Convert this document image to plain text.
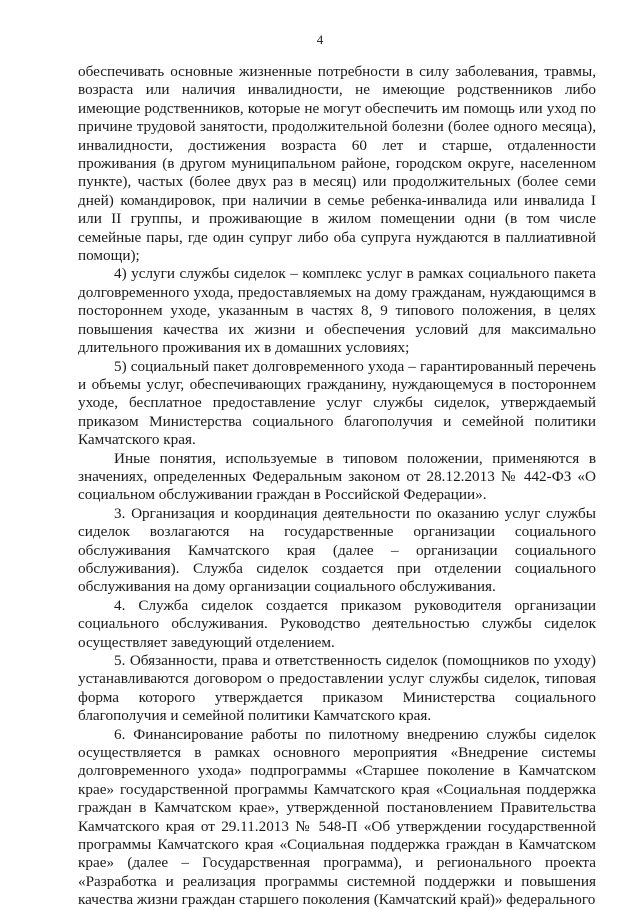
4

обеспечивать основные жизненные потребности в силу заболевания, травмы, возраста или наличия инвалидности, не имеющие родственников либо имеющие родственников, которые не могут обеспечить им помощь или уход по причине трудовой занятости, продолжительной болезни (более одного месяца), инвалидности, достижения возраста 60 лет и старше, отдаленности проживания (в другом муниципальном районе, городском округе, населенном пункте), частых (более двух раз в месяц) или продолжительных (более семи дней) командировок, при наличии в семье ребенка-инвалида или инвалида I или II группы, и проживающие в жилом помещении одни (в том числе семейные пары, где один супруг либо оба супруга нуждаются в паллиативной помощи);

4) услуги службы сиделок – комплекс услуг в рамках социального пакета долговременного ухода, предоставляемых на дому гражданам, нуждающимся в постороннем уходе, указанным в частях 8, 9 типового положения, в целях повышения качества их жизни и обеспечения условий для максимально длительного проживания их в домашних условиях;

5) социальный пакет долговременного ухода – гарантированный перечень и объемы услуг, обеспечивающих гражданину, нуждающемуся в постороннем уходе, бесплатное предоставление услуг службы сиделок, утверждаемый приказом Министерства социального благополучия и семейной политики Камчатского края.

Иные понятия, используемые в типовом положении, применяются в значениях, определенных Федеральным законом от 28.12.2013 № 442-ФЗ «О социальном обслуживании граждан в Российской Федерации».

3. Организация и координация деятельности по оказанию услуг службы сиделок возлагаются на государственные организации социального обслуживания Камчатского края (далее – организации социального обслуживания). Служба сиделок создается при отделении социального обслуживания на дому организации социального обслуживания.

4. Служба сиделок создается приказом руководителя организации социального обслуживания. Руководство деятельностью службы сиделок осуществляет заведующий отделением.

5. Обязанности, права и ответственность сиделок (помощников по уходу) устанавливаются договором о предоставлении услуг службы сиделок, типовая форма которого утверждается приказом Министерства социального благополучия и семейной политики Камчатского края.

6. Финансирование работы по пилотному внедрению службы сиделок осуществляется в рамках основного мероприятия «Внедрение системы долговременного ухода» подпрограммы «Старшее поколение в Камчатском крае» государственной программы Камчатского края «Социальная поддержка граждан в Камчатском крае», утвержденной постановлением Правительства Камчатского края от 29.11.2013 № 548-П «Об утверждении государственной программы Камчатского края «Социальная поддержка граждан в Камчатском крае» (далее – Государственная программа), и регионального проекта «Разработка и реализация программы системной поддержки и повышения качества жизни граждан старшего поколения (Камчатский край)» федерального
